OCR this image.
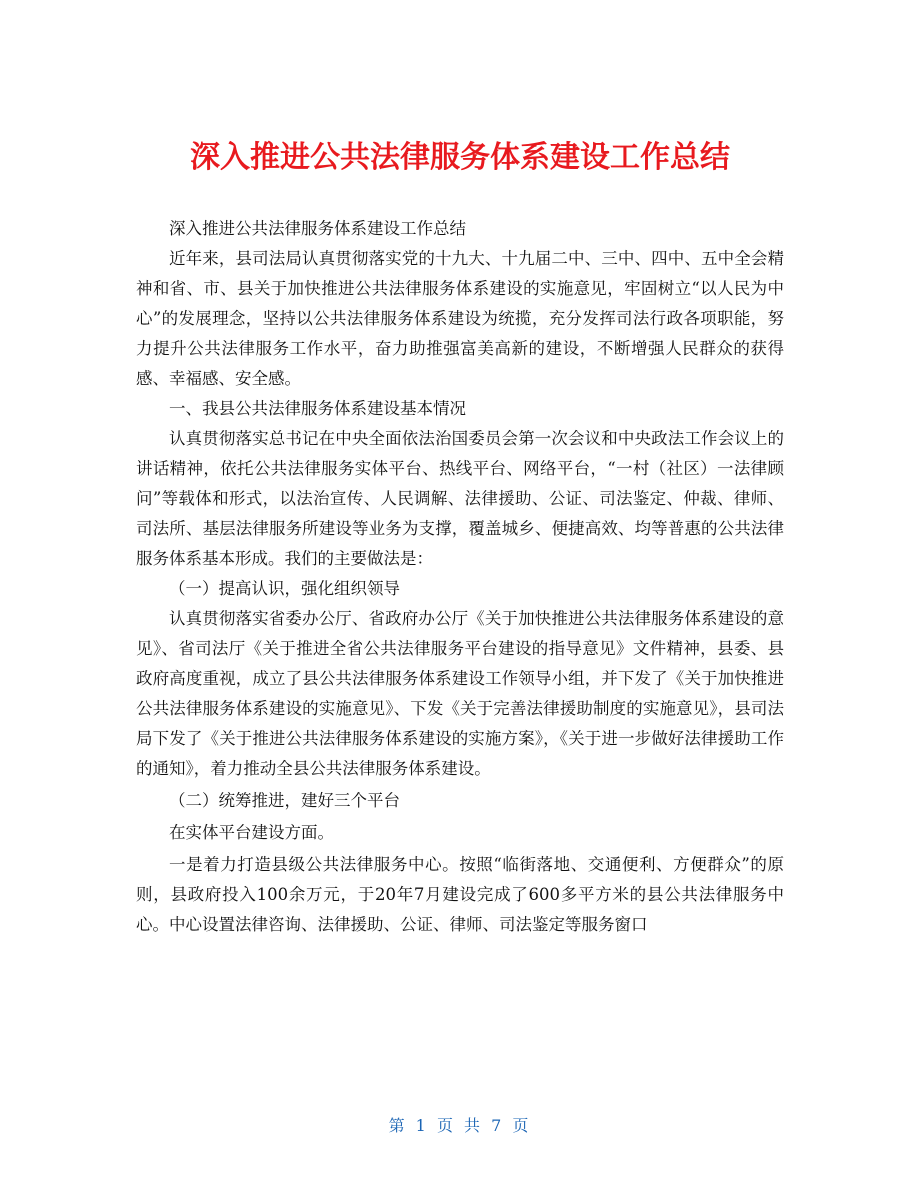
深入推进公共法律服务体系建设工作总结

深入推进公共法律服务体系建设工作总结

近年来，县司法局认真贯彻落实党的十九大、十九届二中、三中、四中、五中全会精神和省、市、县关于加快推进公共法律服务体系建设的实施意见，牢固树立“以人民为中心”的发展理念，坚持以公共法律服务体系建设为统揽，充分发挥司法行政各项职能，努力提升公共法律服务工作水平，奋力助推强富美高新的建设，不断增强人民群众的获得感、幸福感、安全感。

一、我县公共法律服务体系建设基本情况

认真贯彻落实总书记在中央全面依法治国委员会第一次会议和中央政法工作会议上的讲话精神，依托公共法律服务实体平台、热线平台、网络平台，“一村（社区）一法律顾问”等载体和形式，以法治宣传、人民调解、法律援助、公证、司法鉴定、仲裁、律师、司法所、基层法律服务所建设等业务为支撑，覆盖城乡、便捷高效、均等普惠的公共法律服务体系基本形成。我们的主要做法是：

（一）提高认识，强化组织领导

认真贯彻落实省委办公厅、省政府办公厅《关于加快推进公共法律服务体系建设的意见》、省司法厅《关于推进全省公共法律服务平台建设的指导意见》文件精神，县委、县政府高度重视，成立了县公共法律服务体系建设工作领导小组，并下发了《关于加快推进公共法律服务体系建设的实施意见》、下发《关于完善法律援助制度的实施意见》，县司法局下发了《关于推进公共法律服务体系建设的实施方案》，《关于进一步做好法律援助工作的通知》，着力推动全县公共法律服务体系建设。

（二）统筹推进，建好三个平台

在实体平台建设方面。

一是着力打造县级公共法律服务中心。按照“临街落地、交通便利、方便群众”的原则，县政府投入100余万元，于20年7月建设完成了600多平方米的县公共法律服务中心。中心设置法律咨询、法律援助、公证、律师、司法鉴定等服务窗口

第 1 页 共 7 页
